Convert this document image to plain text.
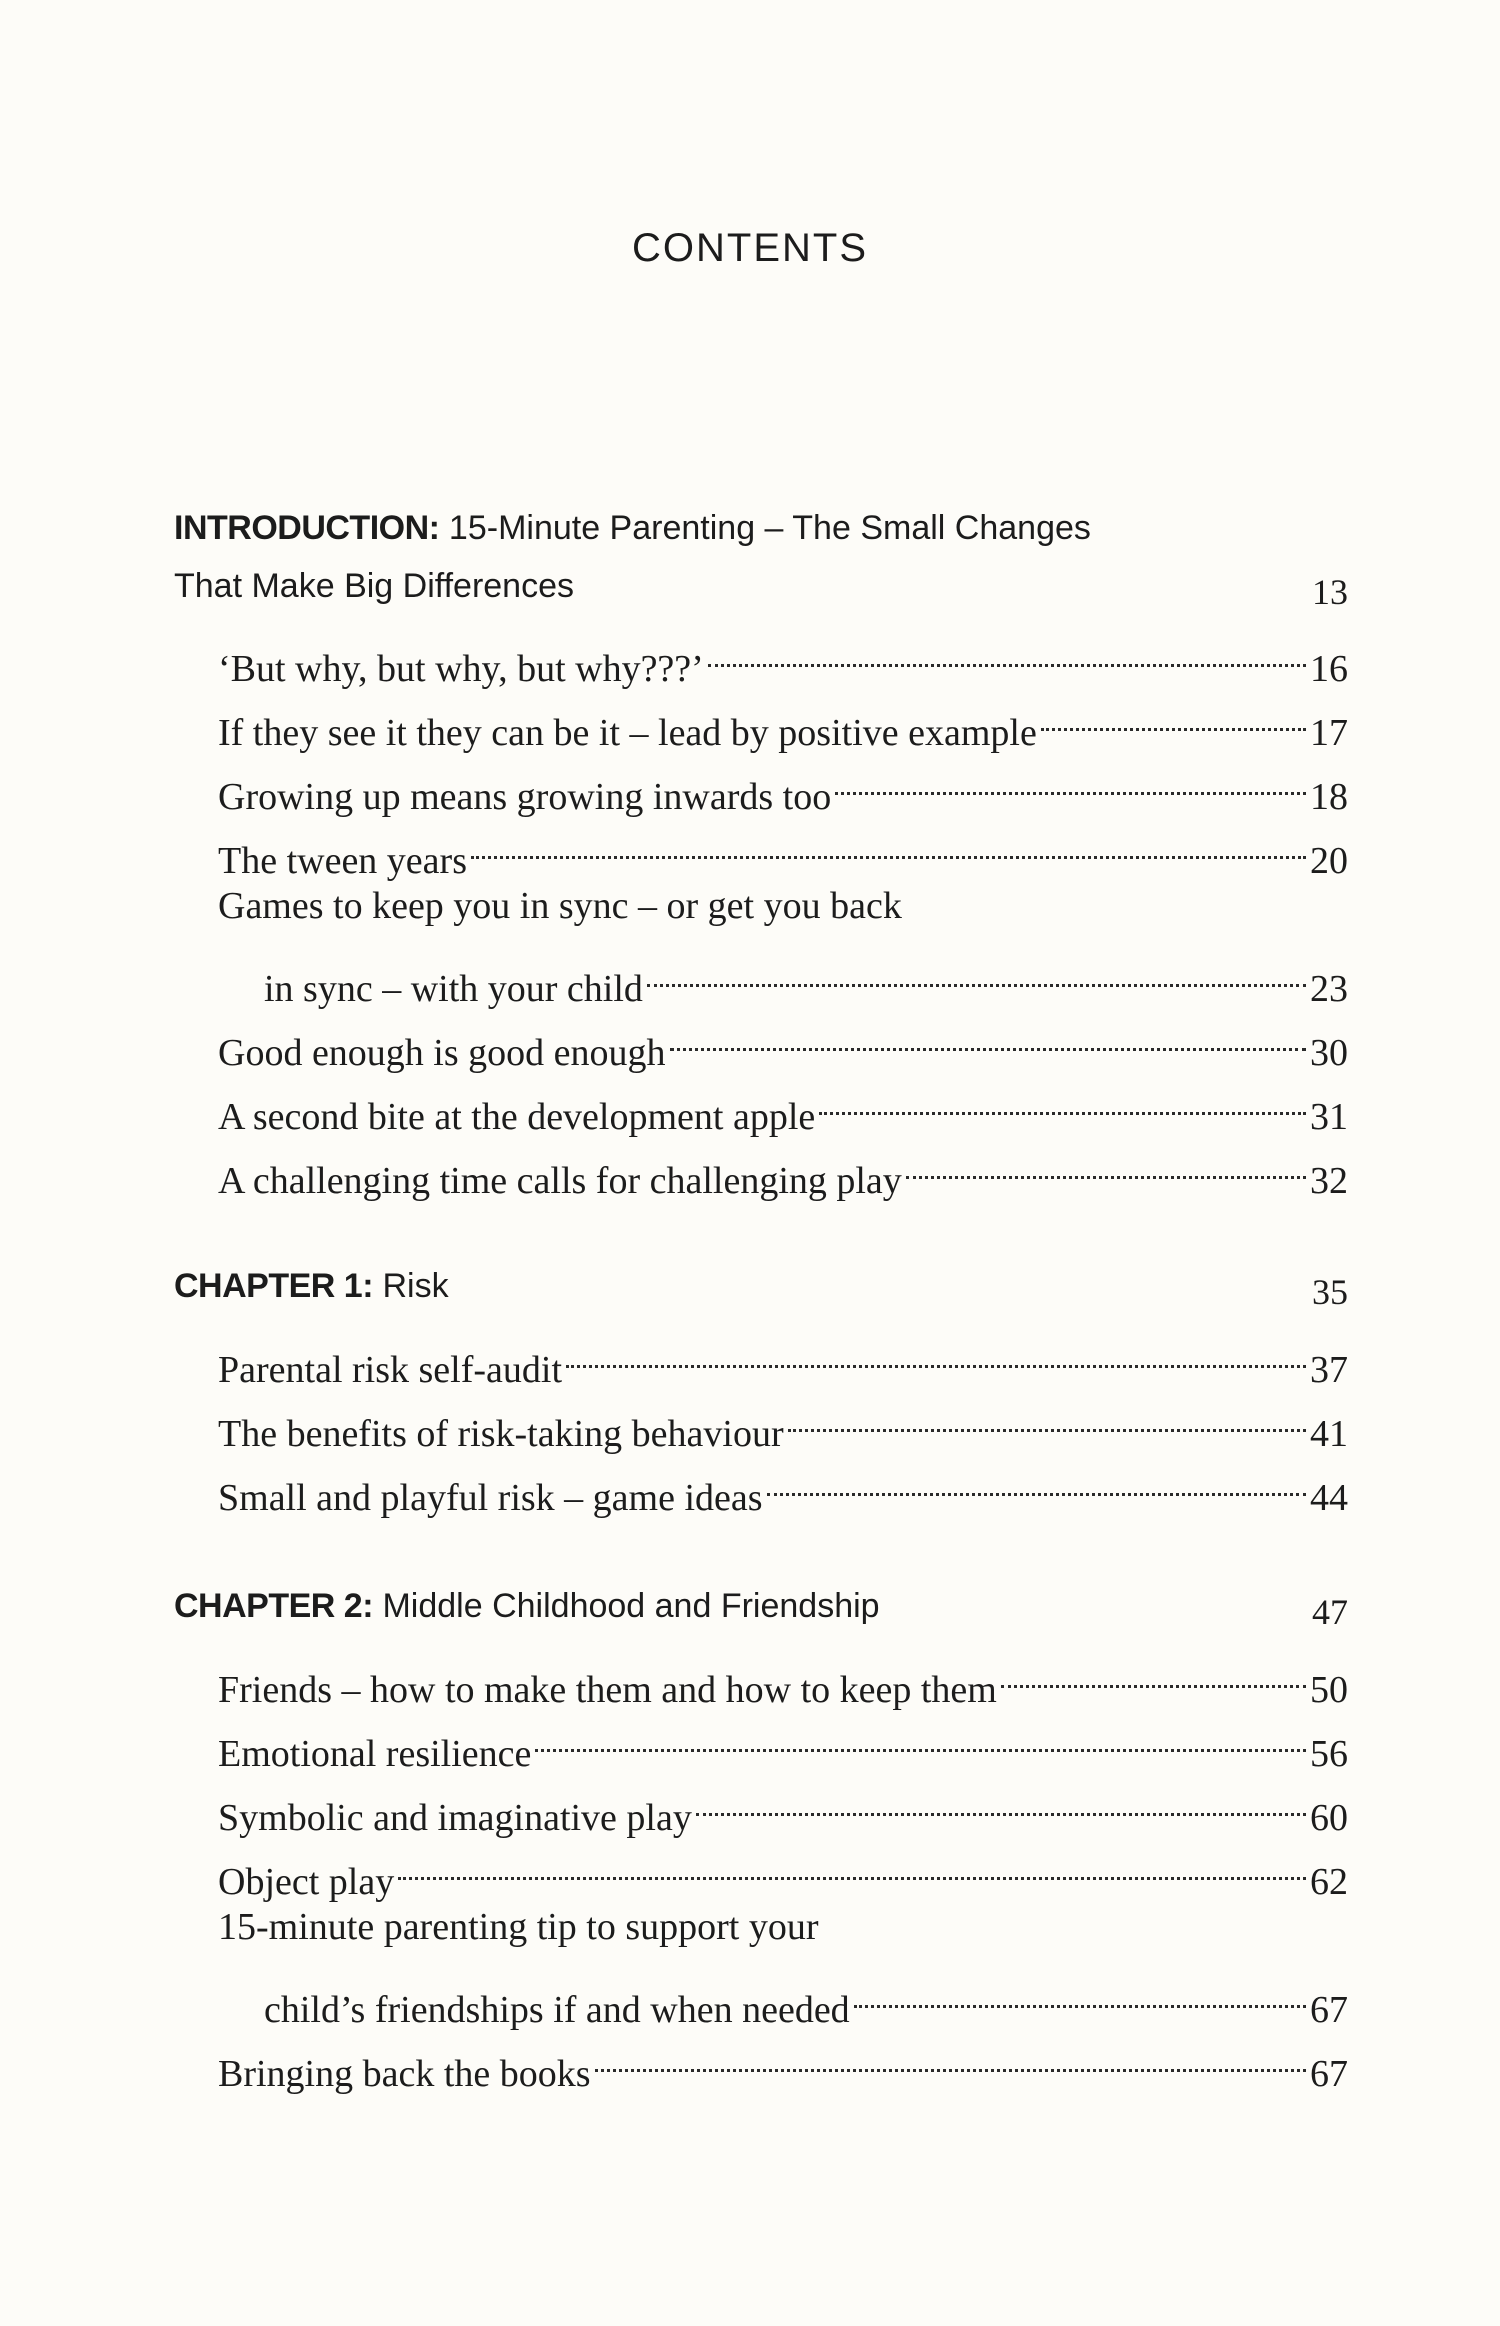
CONTENTS
INTRODUCTION: 15-Minute Parenting – The Small Changes
That Make Big Differences	13
‘But why, but why, but why???’	16
If they see it they can be it – lead by positive example	17
Growing up means growing inwards too	18
The tween years	20
Games to keep you in sync – or get you back
in sync – with your child	23
Good enough is good enough	30
A second bite at the development apple	31
A challenging time calls for challenging play	32
CHAPTER 1: Risk	35
Parental risk self-audit	37
The benefits of risk-taking behaviour	41
Small and playful risk – game ideas	44
CHAPTER 2: Middle Childhood and Friendship	47
Friends – how to make them and how to keep them	50
Emotional resilience	56
Symbolic and imaginative play	60
Object play	62
15-minute parenting tip to support your
child’s friendships if and when needed	67
Bringing back the books	67
